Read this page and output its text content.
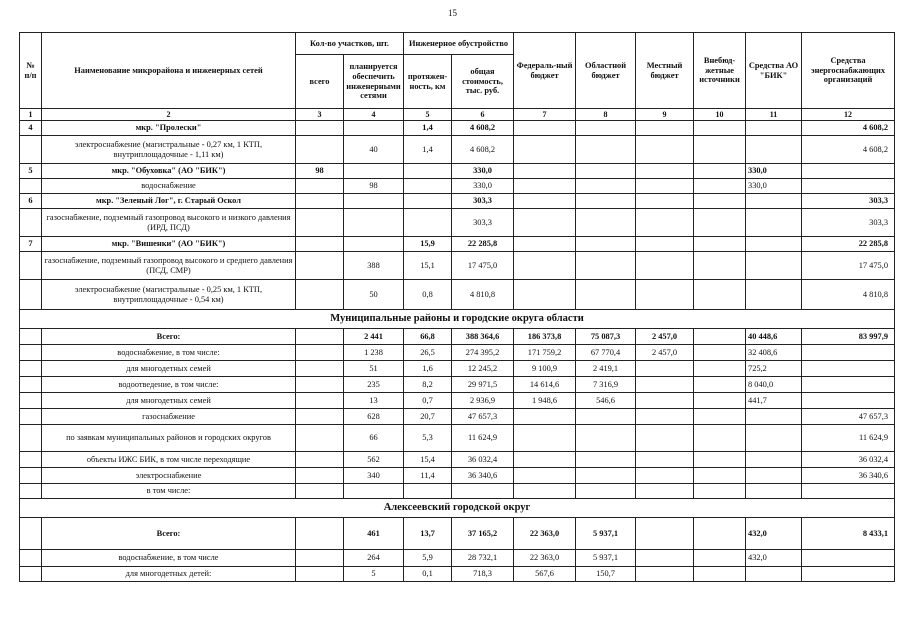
15
№ п/п	Наименование микрорайона и инженерных сетей	Кол-во участков, шт.		Инженерное обустройство		Федераль-ный бюджет	Областной бюджет	Местный бюджет	Внебюд-жетные источники	Средства АО "БИК"	Средства энергоснабжающих организаций
		всего	планируется обеспечить инженерными сетями	протяжен-ность, км	общая стоимость, тыс. руб.						
1	2	3	4	5	6	7	8	9	10	11	12
4	мкр. "Пролески"			1,4	4 608,2						4 608,2
	электроснабжение (магистральные - 0,27 км, 1 КТП, внутриплощадочные - 1,11 км)		40	1,4	4 608,2						4 608,2
5	мкр. "Обуховка" (АО "БИК")	98			330,0					330,0	
	водоснабжение		98		330,0					330,0	
6	мкр. "Зеленый Лог", г. Старый Оскол				303,3						303,3
	газоснабжение, подземный газопровод высокого и низкого давления (ИРД, ПСД)				303,3						303,3
7	мкр. "Вишенки" (АО "БИК")			15,9	22 285,8						22 285,8
	газоснабжение, подземный газопровод высокого и среднего давления (ПСД, СМР)		388	15,1	17 475,0						17 475,0
	электроснабжение (магистральные - 0,25 км, 1 КТП, внутриплощадочные - 0,54 км)		50	0,8	4 810,8						4 810,8
Муниципальные районы и городские округа области											
	Всего:		2 441	66,8	388 364,6	186 373,8	75 087,3	2 457,0		40 448,6	83 997,9
	водоснабжение, в том числе:		1 238	26,5	274 395,2	171 759,2	67 770,4	2 457,0		32 408,6	
	для многодетных семей		51	1,6	12 245,2	9 100,9	2 419,1			725,2	
	водоотведение, в том числе:		235	8,2	29 971,5	14 614,6	7 316,9			8 040,0	
	для многодетных семей		13	0,7	2 936,9	1 948,6	546,6			441,7	
	газоснабжение		628	20,7	47 657,3						47 657,3
	по заявкам муниципальных районов и городских округов		66	5,3	11 624,9						11 624,9
	объекты ИЖС БИК, в том числе переходящие		562	15,4	36 032,4						36 032,4
	электроснабжение		340	11,4	36 340,6						36 340,6
	в том числе:										
Алексеевский городской округ											
	Всего:		461	13,7	37 165,2	22 363,0	5 937,1			432,0	8 433,1
	водоснабжение, в том числе		264	5,9	28 732,1	22 363,0	5 937,1			432,0	
	для многодетных детей:		5	0,1	718,3	567,6	150,7				
